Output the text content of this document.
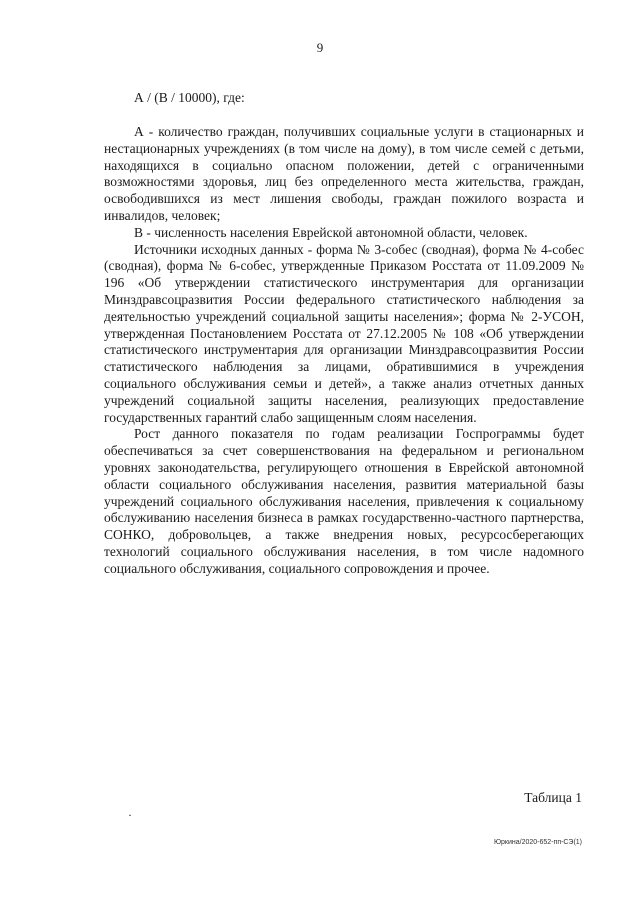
9
А / (В / 10000), где:

А - количество граждан, получивших социальные услуги в стационарных и нестационарных учреждениях (в том числе на дому), в том числе семей с детьми, находящихся в социально опасном положении, детей с ограниченными возможностями здоровья, лиц без определенного места жительства, граждан, освободившихся из мест лишения свободы, граждан пожилого возраста и инвалидов, человек;

В - численность населения Еврейской автономной области, человек.

Источники исходных данных - форма № 3-собес (сводная), форма № 4-собес (сводная), форма № 6-собес, утвержденные Приказом Росстата от 11.09.2009 № 196 «Об утверждении статистического инструментария для организации Минздравсоцразвития России федерального статистического наблюдения за деятельностью учреждений социальной защиты населения»; форма № 2-УСОН, утвержденная Постановлением Росстата от 27.12.2005 № 108 «Об утверждении статистического инструментария для организации Минздравсоцразвития России статистического наблюдения за лицами, обратившимися в учреждения социального обслуживания семьи и детей», а также анализ отчетных данных учреждений социальной защиты населения, реализующих предоставление государственных гарантий слабо защищенным слоям населения.

Рост данного показателя по годам реализации Госпрограммы будет обеспечиваться за счет совершенствования на федеральном и региональном уровнях законодательства, регулирующего отношения в Еврейской автономной области социального обслуживания населения, развития материальной базы учреждений социального обслуживания населения, привлечения к социальному обслуживанию населения бизнеса в рамках государственно-частного партнерства, СОНКО, добровольцев, а также внедрения новых, ресурсосберегающих технологий социального обслуживания населения, в том числе надомного социального обслуживания, социального сопровождения и прочее.

Таблица 1
·
Юркина/2020-652-пп-СЭ(1)
